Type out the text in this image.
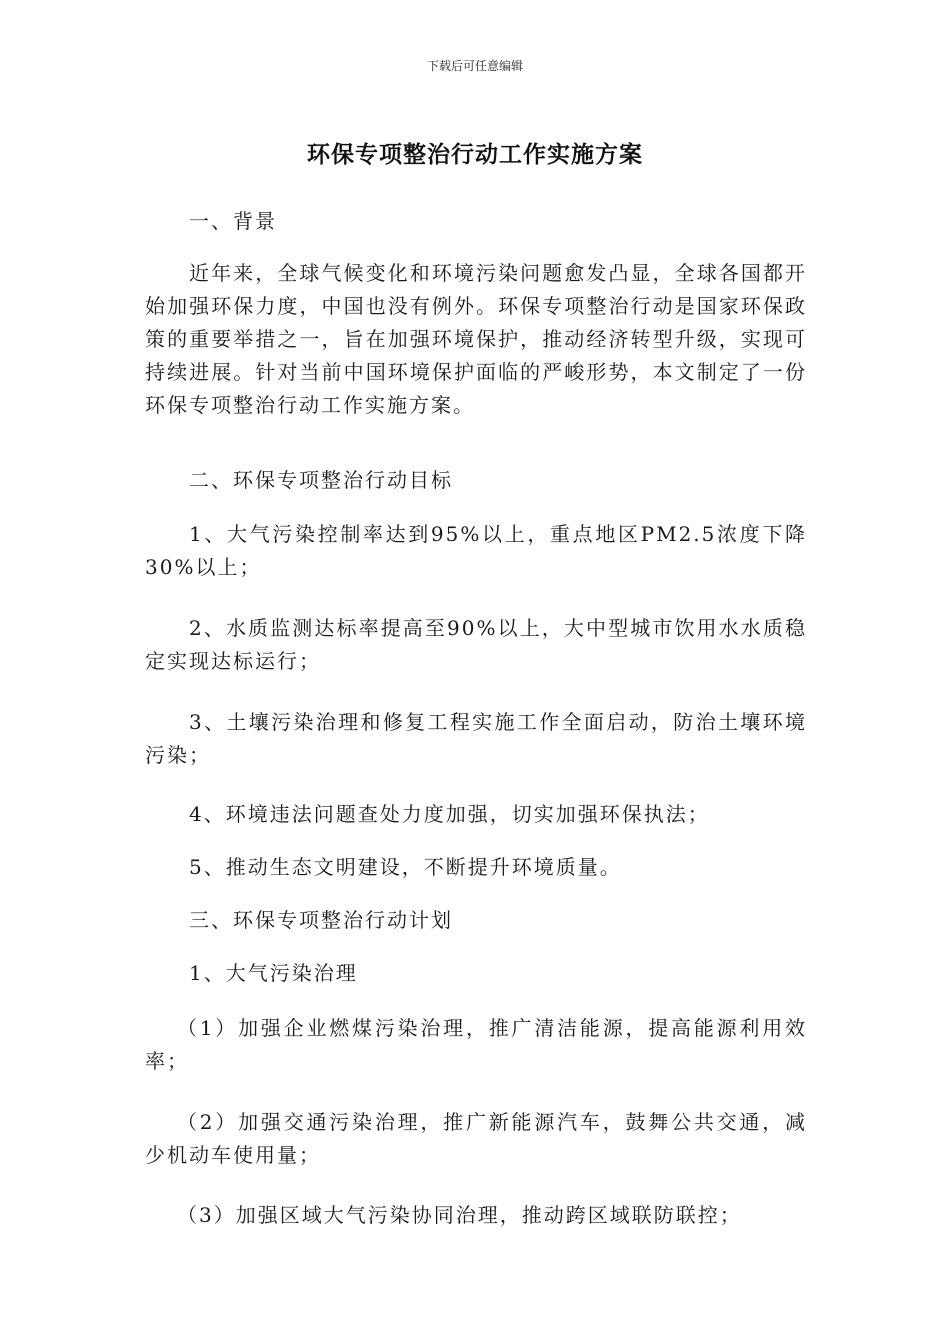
下载后可任意编辑
环保专项整治行动工作实施方案
一、背景
近年来，全球气候变化和环境污染问题愈发凸显，全球各国都开始加强环保力度，中国也没有例外。环保专项整治行动是国家环保政策的重要举措之一，旨在加强环境保护，推动经济转型升级，实现可持续进展。针对当前中国环境保护面临的严峻形势，本文制定了一份环保专项整治行动工作实施方案。
二、环保专项整治行动目标
1、大气污染控制率达到95%以上，重点地区PM2.5浓度下降30%以上；
2、水质监测达标率提高至90%以上，大中型城市饮用水水质稳定实现达标运行；
3、土壤污染治理和修复工程实施工作全面启动，防治土壤环境污染；
4、环境违法问题查处力度加强，切实加强环保执法；
5、推动生态文明建设，不断提升环境质量。
三、环保专项整治行动计划
1、大气污染治理
（1）加强企业燃煤污染治理，推广清洁能源，提高能源利用效率；
（2）加强交通污染治理，推广新能源汽车，鼓舞公共交通，减少机动车使用量；
（3）加强区域大气污染协同治理，推动跨区域联防联控；
